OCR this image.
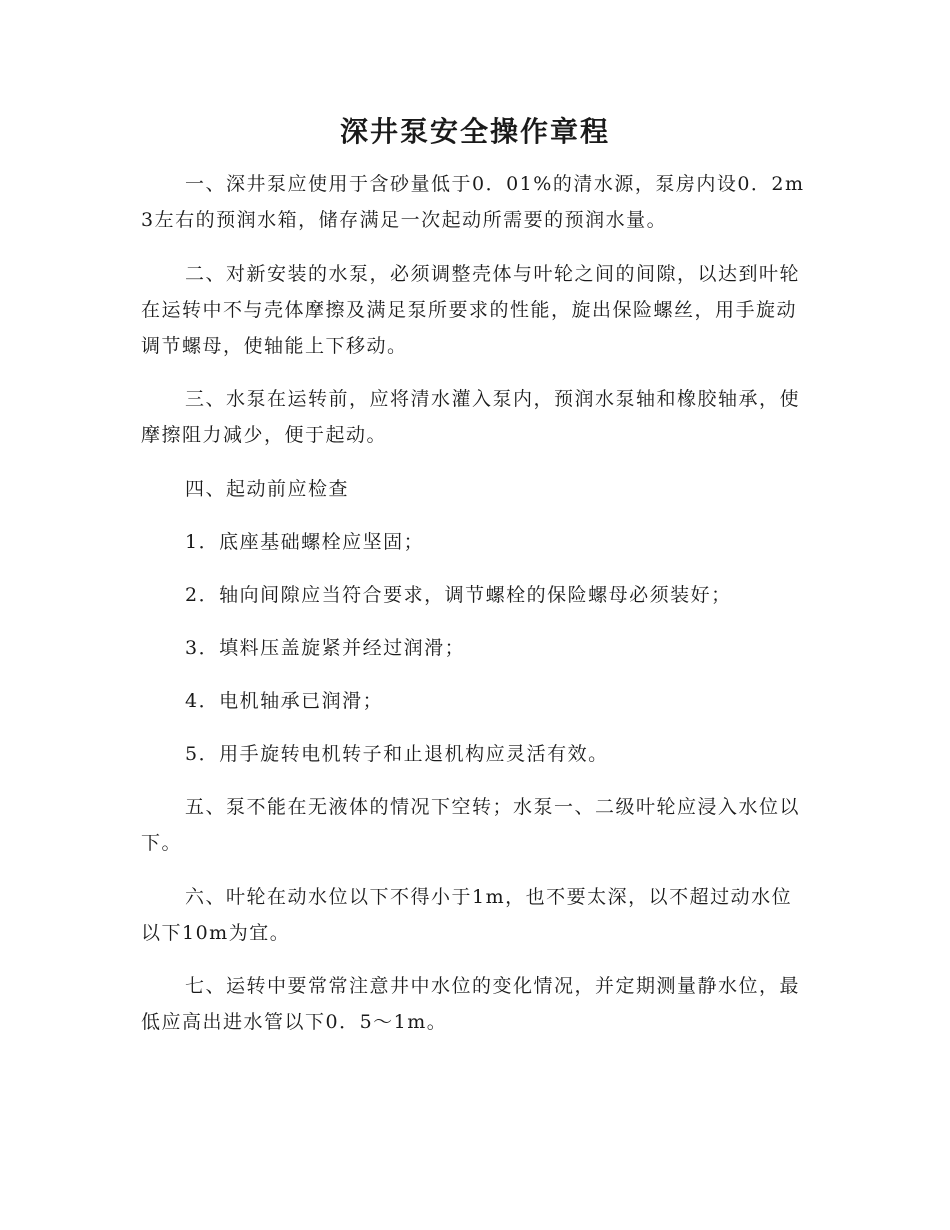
深井泵安全操作章程

一、深井泵应使用于含砂量低于0．01%的清水源，泵房内设0．2m3左右的预润水箱，储存满足一次起动所需要的预润水量。

二、对新安装的水泵，必须调整壳体与叶轮之间的间隙，以达到叶轮在运转中不与壳体摩擦及满足泵所要求的性能，旋出保险螺丝，用手旋动调节螺母，使轴能上下移动。

三、水泵在运转前，应将清水灌入泵内，预润水泵轴和橡胶轴承，使摩擦阻力减少，便于起动。

四、起动前应检查

1．底座基础螺栓应坚固；

2．轴向间隙应当符合要求，调节螺栓的保险螺母必须装好；

3．填料压盖旋紧并经过润滑；

4．电机轴承已润滑；

5．用手旋转电机转子和止退机构应灵活有效。

五、泵不能在无液体的情况下空转；水泵一、二级叶轮应浸入水位以下。

六、叶轮在动水位以下不得小于1m，也不要太深，以不超过动水位以下10m为宜。

七、运转中要常常注意井中水位的变化情况，并定期测量静水位，最低应高出进水管以下0．5～1m。
